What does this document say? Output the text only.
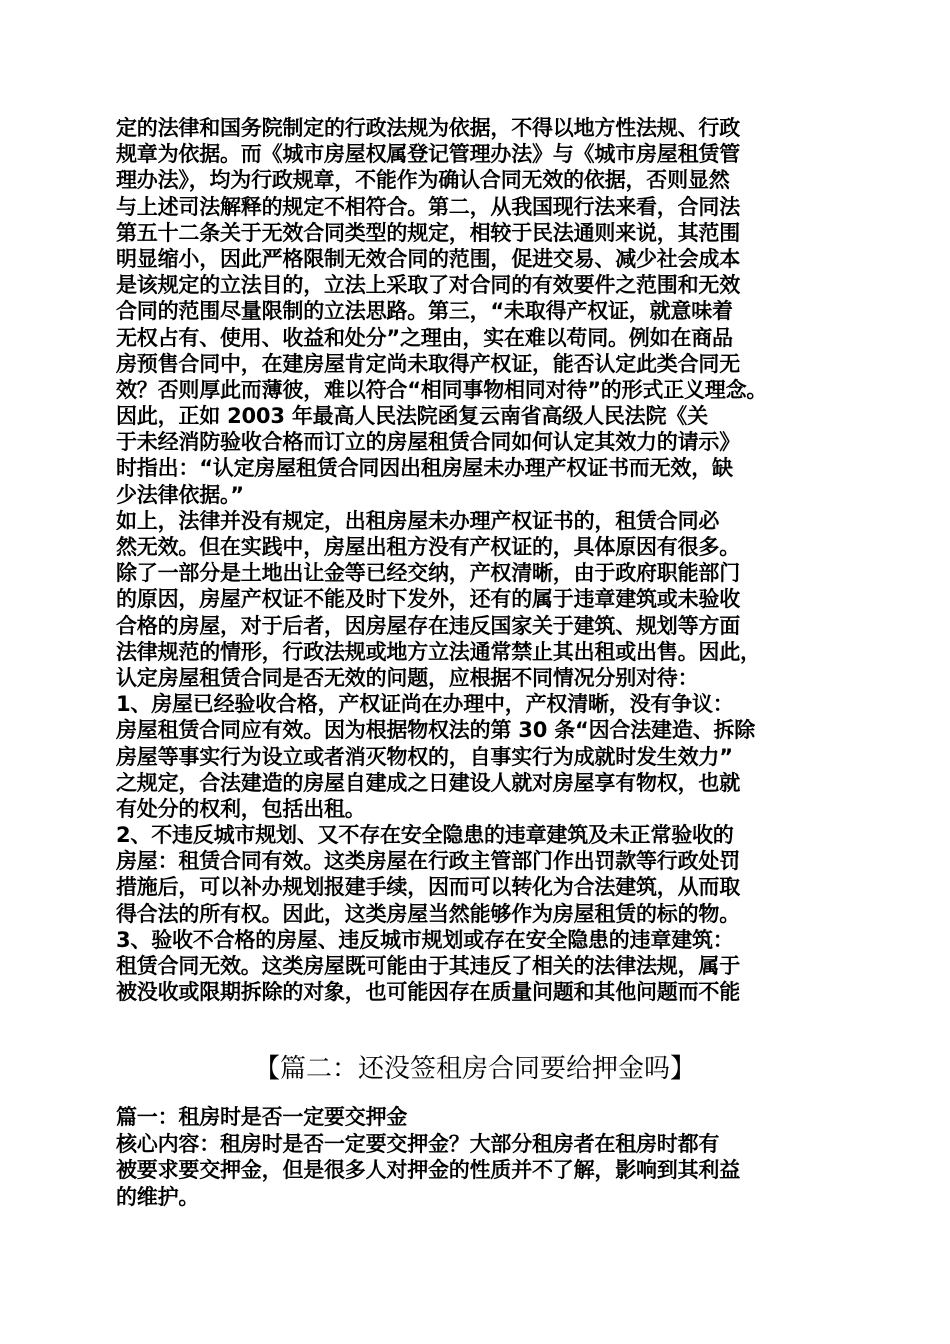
定的法律和国务院制定的行政法规为依据，不得以地方性法规、行政
规章为依据。而《城市房屋权属登记管理办法》与《城市房屋租赁管
理办法》，均为行政规章，不能作为确认合同无效的依据，否则显然
与上述司法解释的规定不相符合。第二，从我国现行法来看，合同法
第五十二条关于无效合同类型的规定，相较于民法通则来说，其范围
明显缩小，因此严格限制无效合同的范围，促进交易、减少社会成本
是该规定的立法目的，立法上采取了对合同的有效要件之范围和无效
合同的范围尽量限制的立法思路。第三，“未取得产权证，就意味着
无权占有、使用、收益和处分”之理由，实在难以苟同。例如在商品
房预售合同中，在建房屋肯定尚未取得产权证，能否认定此类合同无
效？否则厚此而薄彼，难以符合“相同事物相同对待”的形式正义理念。
因此，正如 2003 年最高人民法院函复云南省高级人民法院《关
于未经消防验收合格而订立的房屋租赁合同如何认定其效力的请示》
时指出：“认定房屋租赁合同因出租房屋未办理产权证书而无效，缺
少法律依据。”
如上，法律并没有规定，出租房屋未办理产权证书的，租赁合同必
然无效。但在实践中，房屋出租方没有产权证的，具体原因有很多。
除了一部分是土地出让金等已经交纳，产权清晰，由于政府职能部门
的原因，房屋产权证不能及时下发外，还有的属于违章建筑或未验收
合格的房屋，对于后者，因房屋存在违反国家关于建筑、规划等方面
法律规范的情形，行政法规或地方立法通常禁止其出租或出售。因此，
认定房屋租赁合同是否无效的问题，应根据不同情况分别对待：
1、房屋已经验收合格，产权证尚在办理中，产权清晰，没有争议：
房屋租赁合同应有效。因为根据物权法的第 30 条“因合法建造、拆除
房屋等事实行为设立或者消灭物权的，自事实行为成就时发生效力”
之规定，合法建造的房屋自建成之日建设人就对房屋享有物权，也就
有处分的权利，包括出租。
2、不违反城市规划、又不存在安全隐患的违章建筑及未正常验收的
房屋：租赁合同有效。这类房屋在行政主管部门作出罚款等行政处罚
措施后，可以补办规划报建手续，因而可以转化为合法建筑，从而取
得合法的所有权。因此，这类房屋当然能够作为房屋租赁的标的物。
3、验收不合格的房屋、违反城市规划或存在安全隐患的违章建筑：
租赁合同无效。这类房屋既可能由于其违反了相关的法律法规，属于
被没收或限期拆除的对象，也可能因存在质量问题和其他问题而不能
【篇二：还没签租房合同要给押金吗】
篇一：租房时是否一定要交押金
核心内容：租房时是否一定要交押金？大部分租房者在租房时都有
被要求要交押金，但是很多人对押金的性质并不了解，影响到其利益
的维护。
